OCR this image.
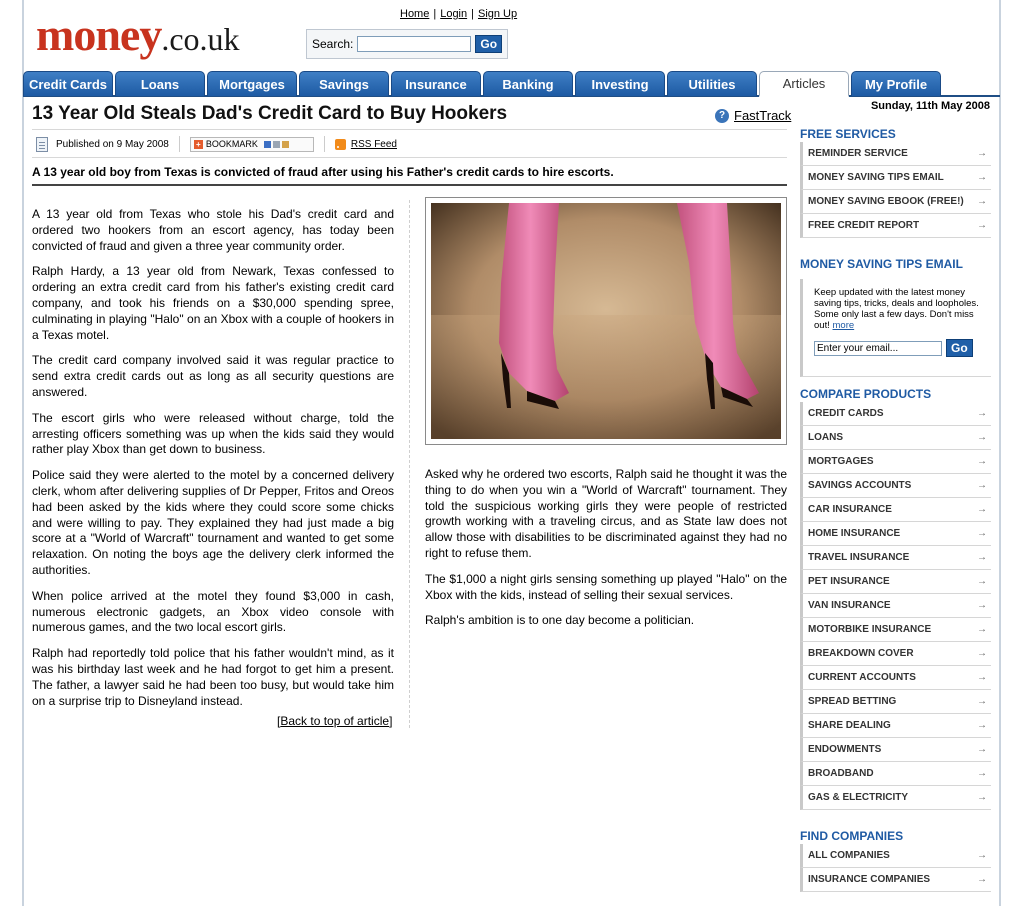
money.co.uk
Home | Login | Sign Up
Search:	Go
Credit Cards	Loans	Mortgages	Savings	Insurance	Banking	Investing	Utilities	Articles	My Profile
13 Year Old Steals Dad's Credit Card to Buy Hookers	? FastTrack
Published on 9 May 2008	+ BOOKMARK	RSS Feed
A 13 year old boy from Texas is convicted of fraud after using his Father's credit cards to hire escorts.

A 13 year old from Texas who stole his Dad's credit card and ordered two hookers from an escort agency, has today been convicted of fraud and given a three year community order.

Ralph Hardy, a 13 year old from Newark, Texas confessed to ordering an extra credit card from his father's existing credit card company, and took his friends on a $30,000 spending spree, culminating in playing "Halo" on an Xbox with a couple of hookers in a Texas motel.

The credit card company involved said it was regular practice to send extra credit cards out as long as all security questions are answered.

The escort girls who were released without charge, told the arresting officers something was up when the kids said they would rather play Xbox than get down to business.

Police said they were alerted to the motel by a concerned delivery clerk, whom after delivering supplies of Dr Pepper, Fritos and Oreos had been asked by the kids where they could score some chicks and were willing to pay. They explained they had just made a big score at a "World of Warcraft" tournament and wanted to get some relaxation. On noting the boys age the delivery clerk informed the authorities.

When police arrived at the motel they found $3,000 in cash, numerous electronic gadgets, an Xbox video console with numerous games, and the two local escort girls.

Ralph had reportedly told police that his father wouldn't mind, as it was his birthday last week and he had forgot to get him a present. The father, a lawyer said he had been too busy, but would take him on a surprise trip to Disneyland instead.

[Back to top of article]

Asked why he ordered two escorts, Ralph said he thought it was the thing to do when you win a "World of Warcraft" tournament. They told the suspicious working girls they were people of restricted growth working with a traveling circus, and as State law does not allow those with disabilities to be discriminated against they had no right to refuse them.

The $1,000 a night girls sensing something up played "Halo" on the Xbox with the kids, instead of selling their sexual services.

Ralph's ambition is to one day become a politician.

Sunday, 11th May 2008
FREE SERVICES
REMINDER SERVICE	→
MONEY SAVING TIPS EMAIL	→
MONEY SAVING EBOOK (FREE!) →
FREE CREDIT REPORT	→
MONEY SAVING TIPS EMAIL

Keep updated with the latest money saving tips, tricks, deals and loopholes. Some only last a few days. Don't miss out! more

Enter your email...
Go
COMPARE PRODUCTS
CREDIT CARDS	→
LOANS	→
MORTGAGES	→
SAVINGS ACCOUNTS	→
CAR INSURANCE	→
HOME INSURANCE	→
TRAVEL INSURANCE	→
PET INSURANCE	→
VAN INSURANCE	→
MOTORBIKE INSURANCE	→
BREAKDOWN COVER	→
CURRENT ACCOUNTS	→
SPREAD BETTING	→
SHARE DEALING	→
ENDOWMENTS	→
BROADBAND	→
GAS & ELECTRICITY	→
FIND COMPANIES
ALL COMPANIES	→
INSURANCE COMPANIES	→
